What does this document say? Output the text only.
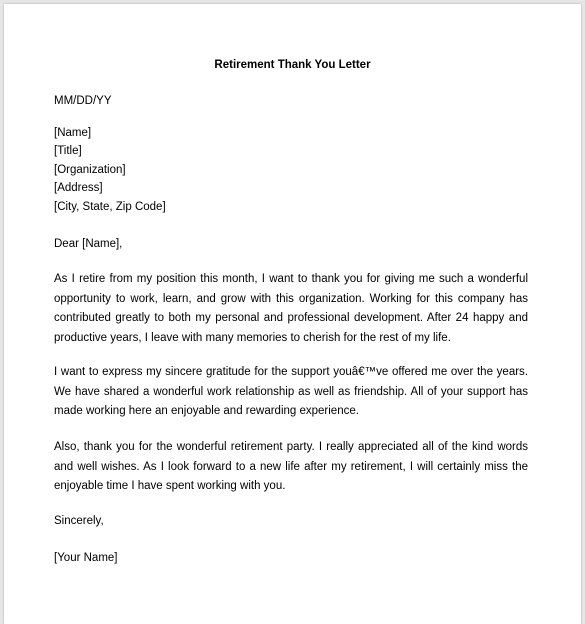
Retirement Thank You Letter
MM/DD/YY
[Name]
[Title]
[Organization]
[Address]
[City, State, Zip Code]
Dear [Name],
As I retire from my position this month, I want to thank you for giving me such a wonderful opportunity to work, learn, and grow with this organization. Working for this company has contributed greatly to both my personal and professional development. After 24 happy and productive years, I leave with many memories to cherish for the rest of my life.
I want to express my sincere gratitude for the support youâ€™ve offered me over the years. We have shared a wonderful work relationship as well as friendship. All of your support has made working here an enjoyable and rewarding experience.
Also, thank you for the wonderful retirement party. I really appreciated all of the kind words and well wishes. As I look forward to a new life after my retirement, I will certainly miss the enjoyable time I have spent working with you.
Sincerely,
[Your Name]
